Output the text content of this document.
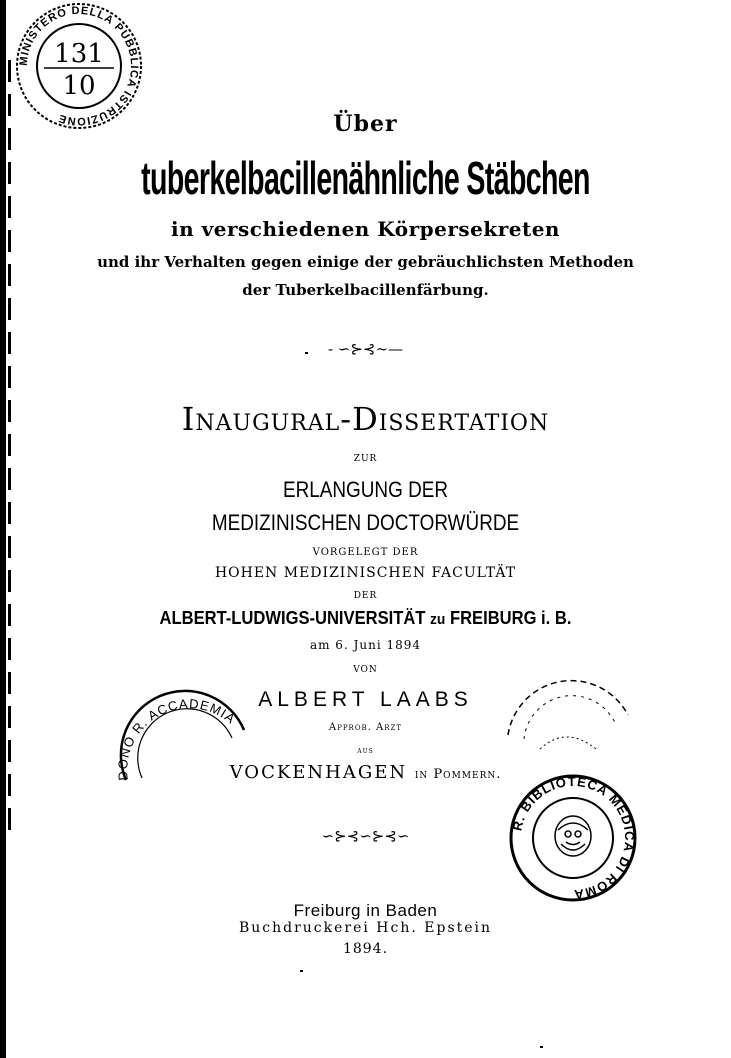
MINISTERO DELLA PUBBLICA ISTRUZIONE
131
10
Über
tuberkelbacillenähnliche Stäbchen
in verschiedenen Körpersekreten
und ihr Verhalten gegen einige der gebräuchlichsten Methoden
der Tuberkelbacillenfärbung.
- ∽⊱⊰∼—
Inaugural-Dissertation
ZUR
ERLANGUNG DER
MEDIZINISCHEN DOCTORWÜRDE
VORGELEGT DER
HOHEN MEDIZINISCHEN FACULTÄT
DER
ALBERT-LUDWIGS-UNIVERSITÄT zu FREIBURG i. B.
am 6. Juni 1894
VON
ALBERT LAABS
Approb. Arzt
aus
VOCKENHAGEN in Pommern.
∽⊱⊰∽⊱⊰∽
Freiburg in Baden
Buchdruckerei Hch. Epstein
1894.
DONO R. ACCADEMIA
R. BIBLIOTECA MEDICA DI ROMA
